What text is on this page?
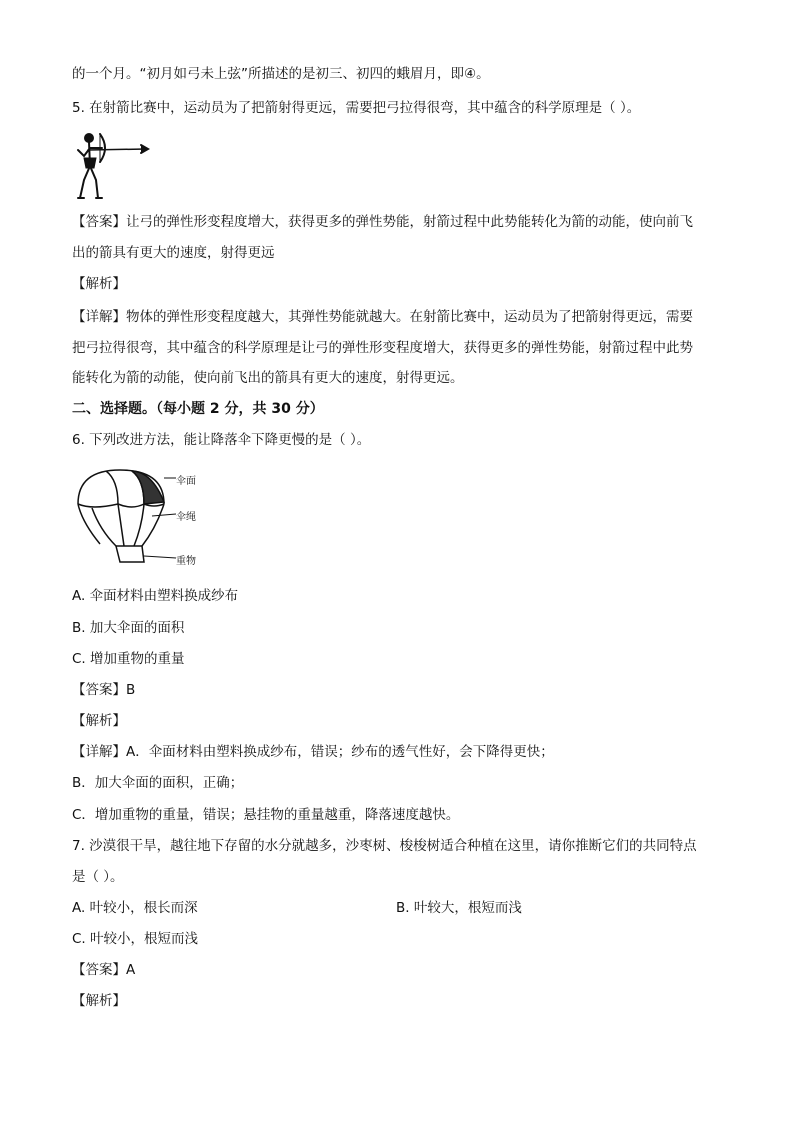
的一个月。“初月如弓未上弦”所描述的是初三、初四的蛾眉月，即④。
5. 在射箭比赛中，运动员为了把箭射得更远，需要把弓拉得很弯，其中蕴含的科学原理是（ ）。
【答案】让弓的弹性形变程度增大，获得更多的弹性势能，射箭过程中此势能转化为箭的动能，使向前飞
出的箭具有更大的速度，射得更远
【解析】
【详解】物体的弹性形变程度越大，其弹性势能就越大。在射箭比赛中，运动员为了把箭射得更远，需要
把弓拉得很弯，其中蕴含的科学原理是让弓的弹性形变程度增大，获得更多的弹性势能，射箭过程中此势
能转化为箭的动能，使向前飞出的箭具有更大的速度，射得更远。
二、选择题。（每小题 2 分，共 30 分）
6. 下列改进方法，能让降落伞下降更慢的是（ ）。
伞面
伞绳
重物
A. 伞面材料由塑料换成纱布
B. 加大伞面的面积
C. 增加重物的重量
【答案】B
【解析】
【详解】A．伞面材料由塑料换成纱布，错误；纱布的透气性好，会下降得更快；
B．加大伞面的面积，正确；
C．增加重物的重量，错误；悬挂物的重量越重，降落速度越快。
7. 沙漠很干旱，越往地下存留的水分就越多，沙枣树、梭梭树适合种植在这里，请你推断它们的共同特点
是（ ）。
A. 叶较小，根长而深	B. 叶较大，根短而浅
C. 叶较小，根短而浅
【答案】A
【解析】
